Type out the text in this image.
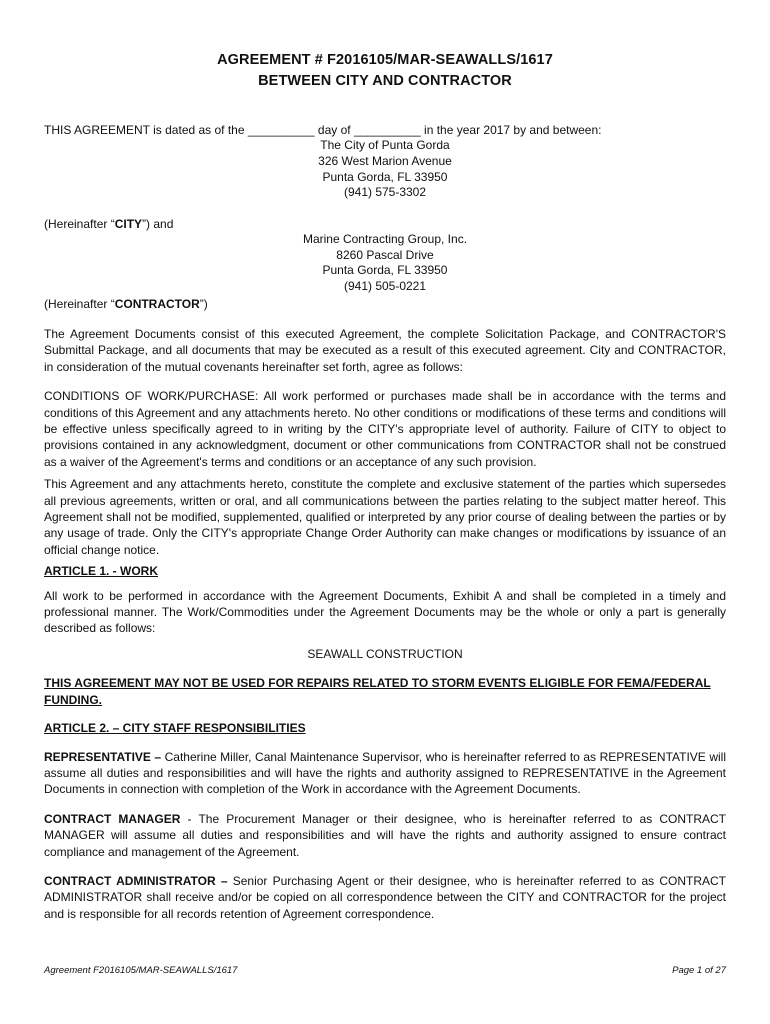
AGREEMENT # F2016105/MAR-SEAWALLS/1617
BETWEEN CITY AND CONTRACTOR

THIS AGREEMENT is dated as of the __________ day of __________ in the year 2017 by and between:

The City of Punta Gorda
326 West Marion Avenue
Punta Gorda, FL 33950
(941) 575-3302

(Hereinafter “CITY”) and

Marine Contracting Group, Inc.
8260 Pascal Drive
Punta Gorda, FL 33950
(941) 505-0221

(Hereinafter “CONTRACTOR”)

The Agreement Documents consist of this executed Agreement, the complete Solicitation Package, and CONTRACTOR'S Submittal Package, and all documents that may be executed as a result of this executed agreement. City and CONTRACTOR, in consideration of the mutual covenants hereinafter set forth, agree as follows:

CONDITIONS OF WORK/PURCHASE: All work performed or purchases made shall be in accordance with the terms and conditions of this Agreement and any attachments hereto. No other conditions or modifications of these terms and conditions will be effective unless specifically agreed to in writing by the CITY's appropriate level of authority. Failure of CITY to object to provisions contained in any acknowledgment, document or other communications from CONTRACTOR shall not be construed as a waiver of the Agreement's terms and conditions or an acceptance of any such provision.

This Agreement and any attachments hereto, constitute the complete and exclusive statement of the parties which supersedes all previous agreements, written or oral, and all communications between the parties relating to the subject matter hereof. This Agreement shall not be modified, supplemented, qualified or interpreted by any prior course of dealing between the parties or by any usage of trade. Only the CITY's appropriate Change Order Authority can make changes or modifications by issuance of an official change notice.

ARTICLE 1. - WORK

All work to be performed in accordance with the Agreement Documents, Exhibit A and shall be completed in a timely and professional manner. The Work/Commodities under the Agreement Documents may be the whole or only a part is generally described as follows:

SEAWALL CONSTRUCTION

THIS AGREEMENT MAY NOT BE USED FOR REPAIRS RELATED TO STORM EVENTS ELIGIBLE FOR FEMA/FEDERAL FUNDING.
ARTICLE 2. – CITY STAFF RESPONSIBILITIES

REPRESENTATIVE – Catherine Miller, Canal Maintenance Supervisor, who is hereinafter referred to as REPRESENTATIVE will assume all duties and responsibilities and will have the rights and authority assigned to REPRESENTATIVE in the Agreement Documents in connection with completion of the Work in accordance with the Agreement Documents.

CONTRACT MANAGER - The Procurement Manager or their designee, who is hereinafter referred to as CONTRACT MANAGER will assume all duties and responsibilities and will have the rights and authority assigned to ensure contract compliance and management of the Agreement.

CONTRACT ADMINISTRATOR – Senior Purchasing Agent or their designee, who is hereinafter referred to as CONTRACT ADMINISTRATOR shall receive and/or be copied on all correspondence between the CITY and CONTRACTOR for the project and is responsible for all records retention of Agreement correspondence.

Agreement F2016105/MAR-SEAWALLS/1617	Page 1 of 27
